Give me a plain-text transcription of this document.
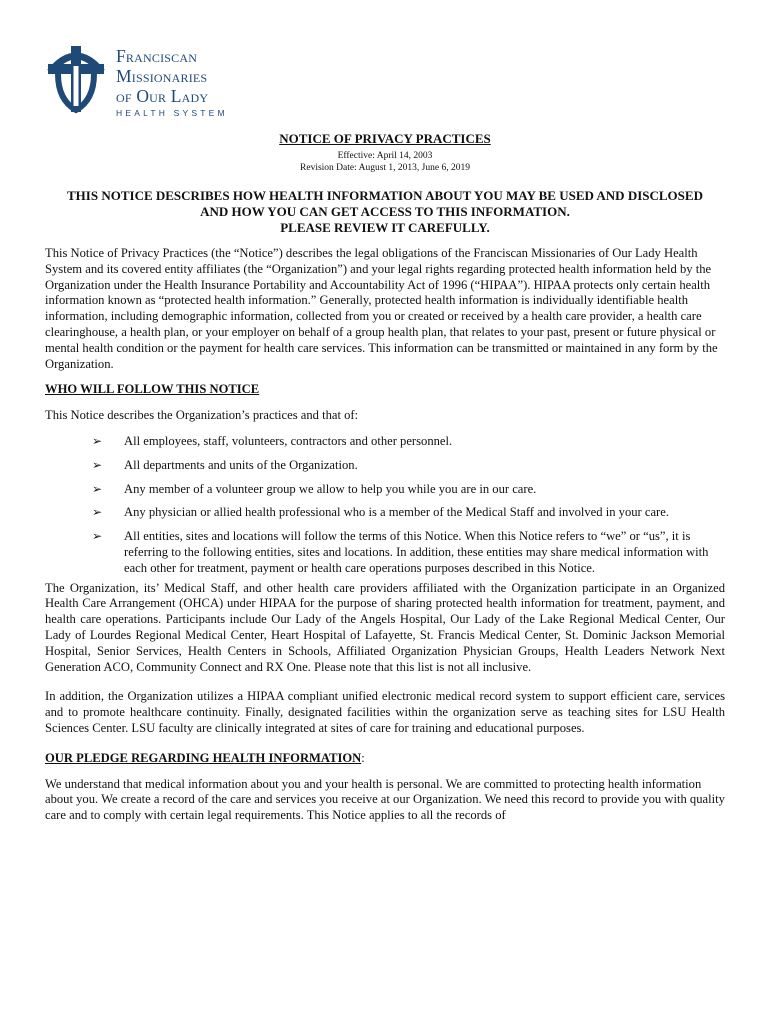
Franciscan
Missionaries
of Our Lady
HEALTH SYSTEM

NOTICE OF PRIVACY PRACTICES

Effective: April 14, 2003
Revision Date: August 1, 2013, June 6, 2019
THIS NOTICE DESCRIBES HOW HEALTH INFORMATION ABOUT YOU MAY BE USED AND DISCLOSED
AND HOW YOU CAN GET ACCESS TO THIS INFORMATION.
PLEASE REVIEW IT CAREFULLY.

This Notice of Privacy Practices (the “Notice”) describes the legal obligations of the Franciscan Missionaries of Our Lady Health System and its covered entity affiliates (the “Organization”) and your legal rights regarding protected health information held by the Organization under the Health Insurance Portability and Accountability Act of 1996 (“HIPAA”). HIPAA protects only certain health information known as “protected health information.” Generally, protected health information is individually identifiable health information, including demographic information, collected from you or created or received by a health care provider, a health care clearinghouse, a health plan, or your employer on behalf of a group health plan, that relates to your past, present or future physical or mental health condition or the payment for health care services. This information can be transmitted or maintained in any form by the Organization.

WHO WILL FOLLOW THIS NOTICE

This Notice describes the Organization’s practices and that of:

➢ All employees, staff, volunteers, contractors and other personnel.
➢ All departments and units of the Organization.
➢ Any member of a volunteer group we allow to help you while you are in our care.
➢ Any physician or allied health professional who is a member of the Medical Staff and involved in your care.
➢ All entities, sites and locations will follow the terms of this Notice. When this Notice refers to “we” or “us”, it is referring to the following entities, sites and locations. In addition, these entities may share medical information with each other for treatment, payment or health care operations purposes described in this Notice.

The Organization, its’ Medical Staff, and other health care providers affiliated with the Organization participate in an Organized Health Care Arrangement (OHCA) under HIPAA for the purpose of sharing protected health information for treatment, payment, and health care operations. Participants include Our Lady of the Angels Hospital, Our Lady of the Lake Regional Medical Center, Our Lady of Lourdes Regional Medical Center, Heart Hospital of Lafayette, St. Francis Medical Center, St. Dominic Jackson Memorial Hospital, Senior Services, Health Centers in Schools, Affiliated Organization Physician Groups, Health Leaders Network Next Generation ACO, Community Connect and RX One. Please note that this list is not all inclusive.

In addition, the Organization utilizes a HIPAA compliant unified electronic medical record system to support efficient care, services and to promote healthcare continuity. Finally, designated facilities within the organization serve as teaching sites for LSU Health Sciences Center. LSU faculty are clinically integrated at sites of care for training and educational purposes.

OUR PLEDGE REGARDING HEALTH INFORMATION:

We understand that medical information about you and your health is personal. We are committed to protecting health information about you. We create a record of the care and services you receive at our Organization. We need this record to provide you with quality care and to comply with certain legal requirements. This Notice applies to all the records of
